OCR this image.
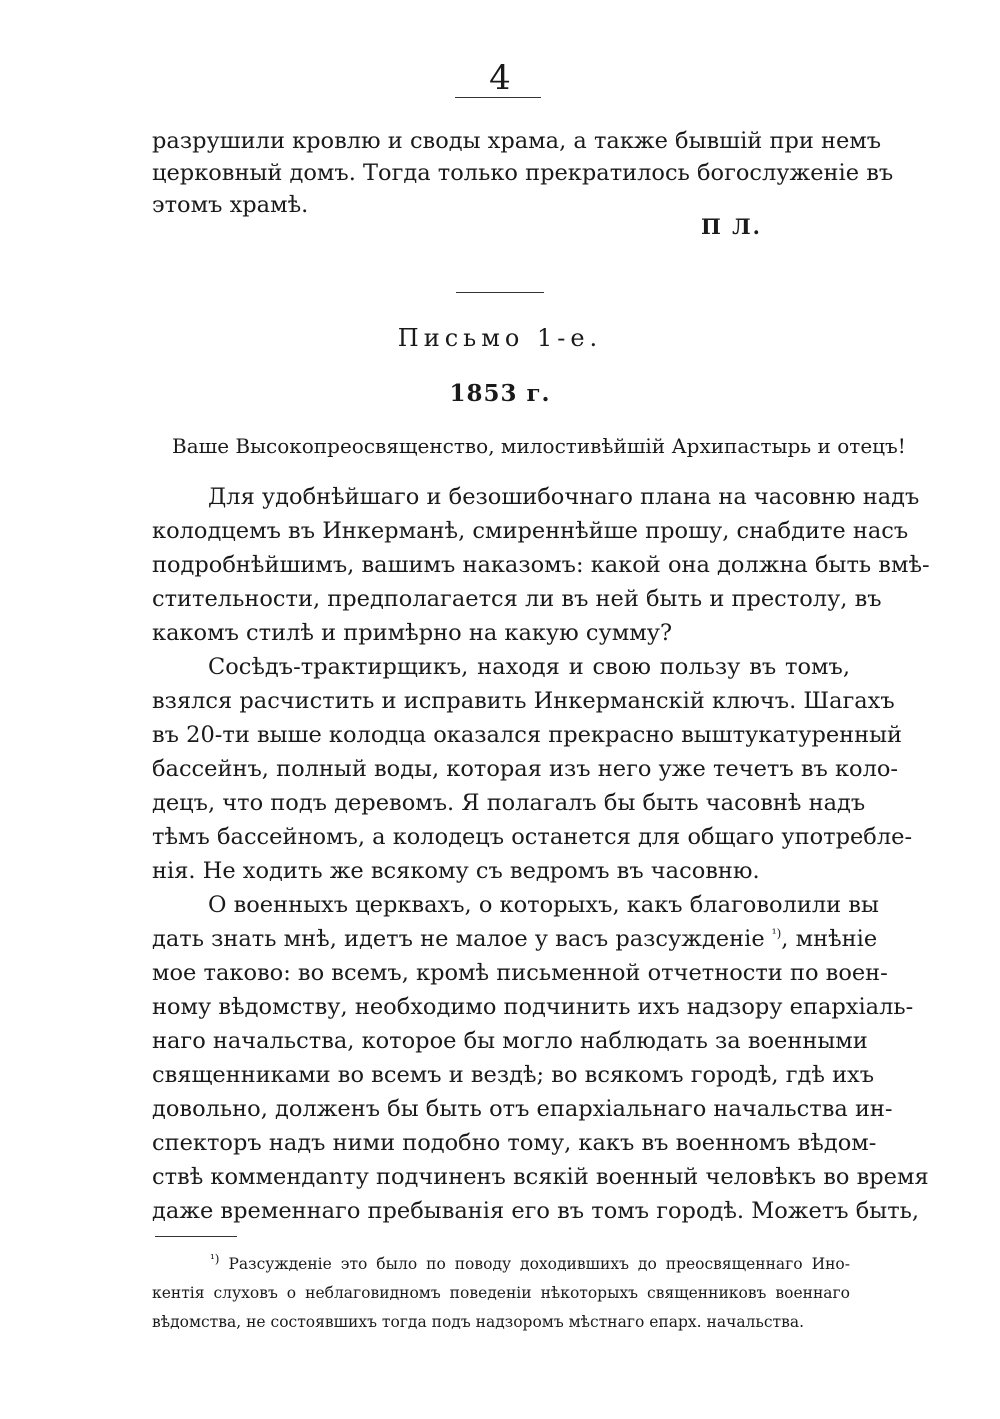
4
разрушили кровлю и своды храма, а также бывшій при немъ
церковный домъ. Тогда только прекратилось богослуженіе въ
этомъ храмѣ.
П Л.
Письмо 1-е.
1853 г.
Ваше Высокопреосвященство, милостивѣйшій Архипастырь и отецъ!
Для удобнѣйшаго и безошибочнаго плана на часовню надъ
колодцемъ въ Инкерманѣ, смиреннѣйше прошу, снабдите насъ
подробнѣйшимъ, вашимъ наказомъ: какой она должна быть вмѣ-
стительности, предполагается ли въ ней быть и престолу, въ
какомъ стилѣ и примѣрно на какую сумму?
Сосѣдъ-трактирщикъ, находя и свою пользу въ томъ,
взялся расчистить и исправить Инкерманскій ключъ. Шагахъ
въ 20-ти выше колодца оказался прекрасно выштукатуренный
бассейнъ, полный воды, которая изъ него уже течетъ въ коло-
децъ, что подъ деревомъ. Я полагалъ бы быть часовнѣ надъ
тѣмъ бассейномъ, а колодецъ останется для общаго употребле-
нія. Не ходить же всякому съ ведромъ въ часовню.
О военныхъ церквахъ, о которыхъ, какъ благоволили вы
дать знать мнѣ, идетъ не малое у васъ разсужденіе $^{^1)}$, мнѣніе
мое таково: во всемъ, кромѣ письменной отчетности по воен-
ному вѣдомству, необходимо подчинить ихъ надзору епархіаль-
наго начальства, которое бы могло наблюдать за военными
священниками во всемъ и вездѣ; во всякомъ городѣ, гдѣ ихъ
довольно, долженъ бы быть отъ епархіальнаго начальства ин-
спекторъ надъ ними подобно тому, какъ въ военномъ вѣдом-
ствѣ коммендanту подчиненъ всякій военный человѣкъ во время
даже временнаго пребыванія его въ томъ городѣ. Можетъ быть,
$^{^1)}$ Разсужденіе это было по поводу доходившихъ до преосвященнаго Ино-
кентія слуховъ о неблаговидномъ поведеніи нѣкоторыхъ священниковъ военнаго
вѣдомства, не состоявшихъ тогда подъ надзоромъ мѣстнаго епарх. начальства.
